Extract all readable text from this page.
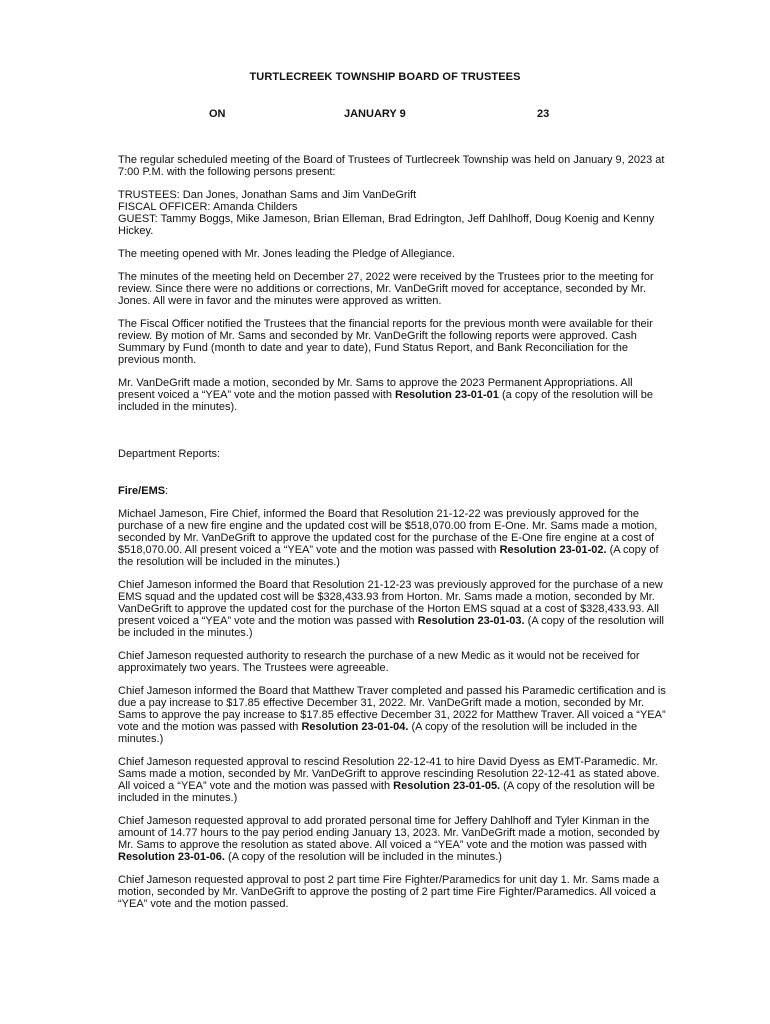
TURTLECREEK TOWNSHIP BOARD OF TRUSTEES
ON	JANUARY 9	23

The regular scheduled meeting of the Board of Trustees of Turtlecreek Township was held on January 9, 2023 at 7:00 P.M. with the following persons present:

TRUSTEES: Dan Jones, Jonathan Sams and Jim VanDeGrift

FISCAL OFFICER: Amanda Childers

GUEST: Tammy Boggs, Mike Jameson, Brian Elleman, Brad Edrington, Jeff Dahlhoff, Doug Koenig and Kenny Hickey.

The meeting opened with Mr. Jones leading the Pledge of Allegiance.

The minutes of the meeting held on December 27, 2022 were received by the Trustees prior to the meeting for review. Since there were no additions or corrections, Mr. VanDeGrift moved for acceptance, seconded by Mr. Jones. All were in favor and the minutes were approved as written.

The Fiscal Officer notified the Trustees that the financial reports for the previous month were available for their review. By motion of Mr. Sams and seconded by Mr. VanDeGrift the following reports were approved. Cash Summary by Fund (month to date and year to date), Fund Status Report, and Bank Reconciliation for the previous month.

Mr. VanDeGrift made a motion, seconded by Mr. Sams to approve the 2023 Permanent Appropriations. All present voiced a “YEA” vote and the motion passed with Resolution 23-01-01 (a copy of the resolution will be included in the minutes).

Department Reports:

Fire/EMS:

Michael Jameson, Fire Chief, informed the Board that Resolution 21-12-22 was previously approved for the purchase of a new fire engine and the updated cost will be $518,070.00 from E-One. Mr. Sams made a motion, seconded by Mr. VanDeGrift to approve the updated cost for the purchase of the E-One fire engine at a cost of $518,070.00. All present voiced a “YEA” vote and the motion was passed with Resolution 23-01-02. (A copy of the resolution will be included in the minutes.)

Chief Jameson informed the Board that Resolution 21-12-23 was previously approved for the purchase of a new EMS squad and the updated cost will be $328,433.93 from Horton. Mr. Sams made a motion, seconded by Mr. VanDeGrift to approve the updated cost for the purchase of the Horton EMS squad at a cost of $328,433.93. All present voiced a “YEA” vote and the motion was passed with Resolution 23-01-03. (A copy of the resolution will be included in the minutes.)

Chief Jameson requested authority to research the purchase of a new Medic as it would not be received for approximately two years. The Trustees were agreeable.

Chief Jameson informed the Board that Matthew Traver completed and passed his Paramedic certification and is due a pay increase to $17.85 effective December 31, 2022. Mr. VanDeGrift made a motion, seconded by Mr. Sams to approve the pay increase to $17.85 effective December 31, 2022 for Matthew Traver. All voiced a “YEA” vote and the motion was passed with Resolution 23-01-04. (A copy of the resolution will be included in the minutes.)

Chief Jameson requested approval to rescind Resolution 22-12-41 to hire David Dyess as EMT-Paramedic. Mr. Sams made a motion, seconded by Mr. VanDeGrift to approve rescinding Resolution 22-12-41 as stated above. All voiced a “YEA” vote and the motion was passed with Resolution 23-01-05. (A copy of the resolution will be included in the minutes.)

Chief Jameson requested approval to add prorated personal time for Jeffery Dahlhoff and Tyler Kinman in the amount of 14.77 hours to the pay period ending January 13, 2023. Mr. VanDeGrift made a motion, seconded by Mr. Sams to approve the resolution as stated above. All voiced a “YEA” vote and the motion was passed with Resolution 23-01-06. (A copy of the resolution will be included in the minutes.)

Chief Jameson requested approval to post 2 part time Fire Fighter/Paramedics for unit day 1. Mr. Sams made a motion, seconded by Mr. VanDeGrift to approve the posting of 2 part time Fire Fighter/Paramedics. All voiced a “YEA” vote and the motion passed.
